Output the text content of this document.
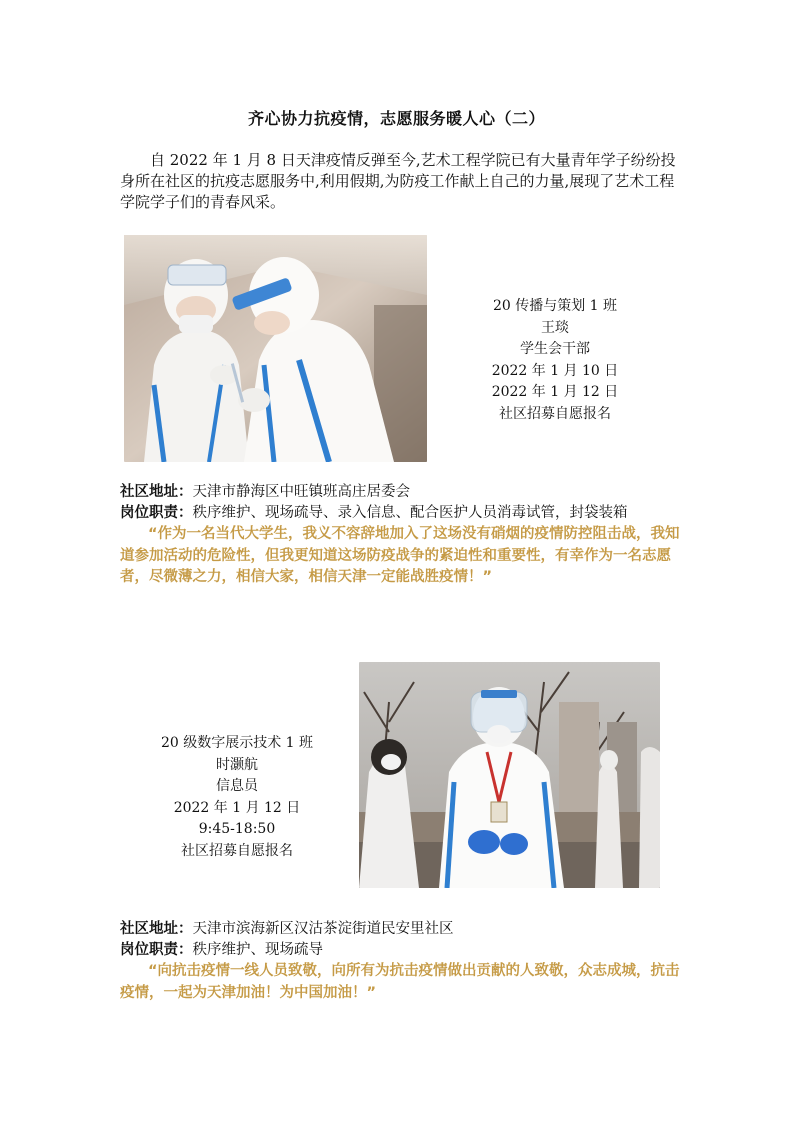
齐心协力抗疫情，志愿服务暖人心（二）
自 2022 年 1 月 8 日天津疫情反弹至今,艺术工程学院已有大量青年学子纷纷投身所在社区的抗疫志愿服务中,利用假期,为防疫工作献上自己的力量,展现了艺术工程学院学子们的青春风采。
20 传播与策划 1 班
王琰
学生会干部
2022 年 1 月 10 日
2022 年 1 月 12 日
社区招募自愿报名
社区地址：天津市静海区中旺镇班高庄居委会
岗位职责：秩序维护、现场疏导、录入信息、配合医护人员消毒试管，封袋装箱
“作为一名当代大学生，我义不容辞地加入了这场没有硝烟的疫情防控阻击战，我知道参加活动的危险性，但我更知道这场防疫战争的紧迫性和重要性，有幸作为一名志愿者，尽微薄之力，相信大家，相信天津一定能战胜疫情！”
20 级数字展示技术 1 班
时灏航
信息员
2022 年 1 月 12 日
9:45-18:50
社区招募自愿报名
社区地址：天津市滨海新区汉沽茶淀街道民安里社区
岗位职责：秩序维护、现场疏导
“向抗击疫情一线人员致敬，向所有为抗击疫情做出贡献的人致敬，众志成城，抗击疫情，一起为天津加油！为中国加油！”
